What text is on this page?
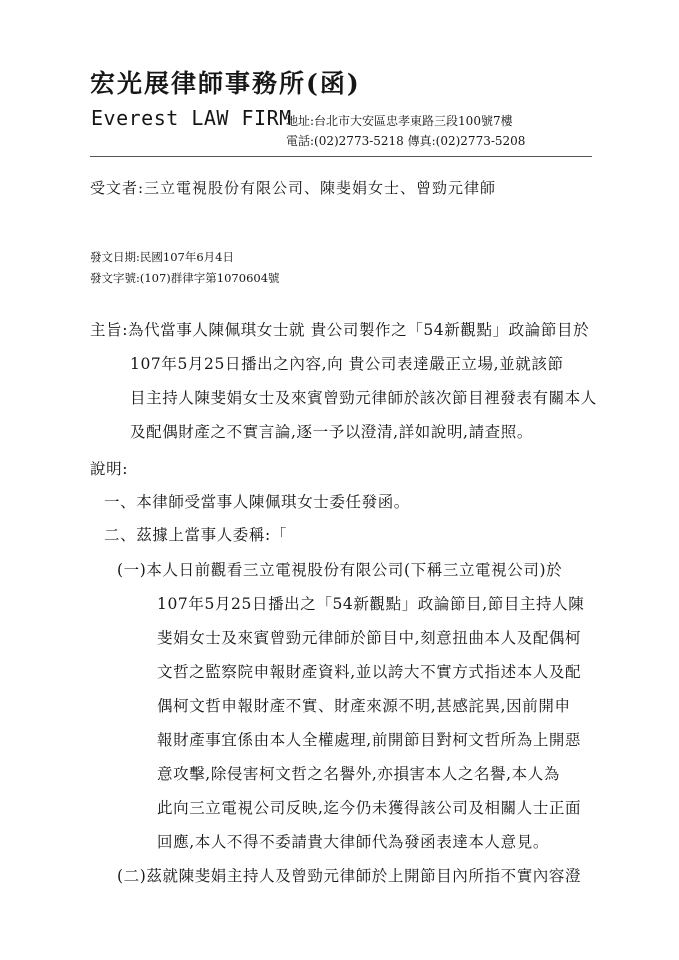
宏光展律師事務所(函)
Everest LAW FIRM
地址:台北市大安區忠孝東路三段100號7樓
電話:(02)2773-5218 傳真:(02)2773-5208
受文者:三立電視股份有限公司、陳斐娟女士、曾勁元律師
發文日期:民國107年6月4日
發文字號:(107)群律字第1070604號
主旨:為代當事人陳佩琪女士就 貴公司製作之「54新觀點」政論節目於
107年5月25日播出之內容,向 貴公司表達嚴正立場,並就該節
目主持人陳斐娟女士及來賓曾勁元律師於該次節目裡發表有關本人
及配偶財產之不實言論,逐一予以澄清,詳如說明,請查照。
說明:
一、本律師受當事人陳佩琪女士委任發函。
二、茲據上當事人委稱:「
(一)本人日前觀看三立電視股份有限公司(下稱三立電視公司)於
107年5月25日播出之「54新觀點」政論節目,節目主持人陳
斐娟女士及來賓曾勁元律師於節目中,刻意扭曲本人及配偶柯
文哲之監察院申報財產資料,並以誇大不實方式指述本人及配
偶柯文哲申報財產不實、財產來源不明,甚感詫異,因前開申
報財產事宜係由本人全權處理,前開節目對柯文哲所為上開惡
意攻擊,除侵害柯文哲之名譽外,亦損害本人之名譽,本人為
此向三立電視公司反映,迄今仍未獲得該公司及相關人士正面
回應,本人不得不委請貴大律師代為發函表達本人意見。
(二)茲就陳斐娟主持人及曾勁元律師於上開節目內所指不實內容澄
